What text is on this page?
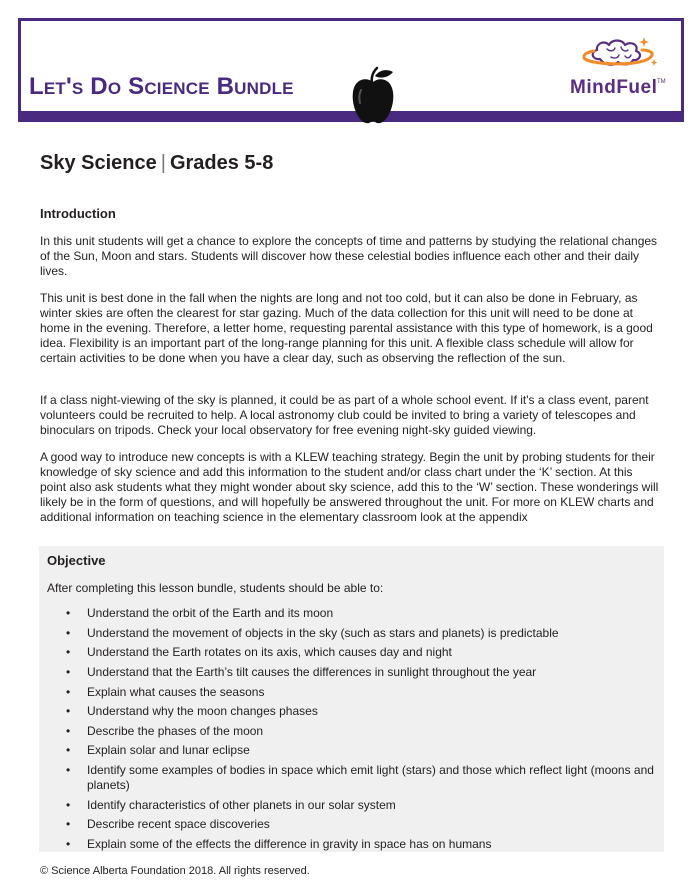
Let's Do Science Bundle	MindFuel TM
Sky Science | Grades 5-8
Introduction

In this unit students will get a chance to explore the concepts of time and patterns by studying the relational changes of the Sun, Moon and stars. Students will discover how these celestial bodies influence each other and their daily lives.

This unit is best done in the fall when the nights are long and not too cold, but it can also be done in February, as winter skies are often the clearest for star gazing. Much of the data collection for this unit will need to be done at home in the evening. Therefore, a letter home, requesting parental assistance with this type of homework, is a good idea. Flexibility is an important part of the long-range planning for this unit. A flexible class schedule will allow for certain activities to be done when you have a clear day, such as observing the reflection of the sun.

If a class night-viewing of the sky is planned, it could be as part of a whole school event. If it's a class event, parent volunteers could be recruited to help. A local astronomy club could be invited to bring a variety of telescopes and binoculars on tripods. Check your local observatory for free evening night-sky guided viewing.

A good way to introduce new concepts is with a KLEW teaching strategy. Begin the unit by probing students for their knowledge of sky science and add this information to the student and/or class chart under the ‘K’ section. At this point also ask students what they might wonder about sky science, add this to the ‘W’ section. These wonderings will likely be in the form of questions, and will hopefully be answered throughout the unit. For more on KLEW charts and additional information on teaching science in the elementary classroom look at the appendix

Objective

After completing this lesson bundle, students should be able to:

• Understand the orbit of the Earth and its moon
• Understand the movement of objects in the sky (such as stars and planets) is predictable
• Understand the Earth rotates on its axis, which causes day and night
• Understand that the Earth’s tilt causes the differences in sunlight throughout the year
• Explain what causes the seasons
• Understand why the moon changes phases
• Describe the phases of the moon
• Explain solar and lunar eclipse
• Identify some examples of bodies in space which emit light (stars) and those which reflect light (moons and planets)
• Identify characteristics of other planets in our solar system
• Describe recent space discoveries
• Explain some of the effects the difference in gravity in space has on humans

© Science Alberta Foundation 2018. All rights reserved.
